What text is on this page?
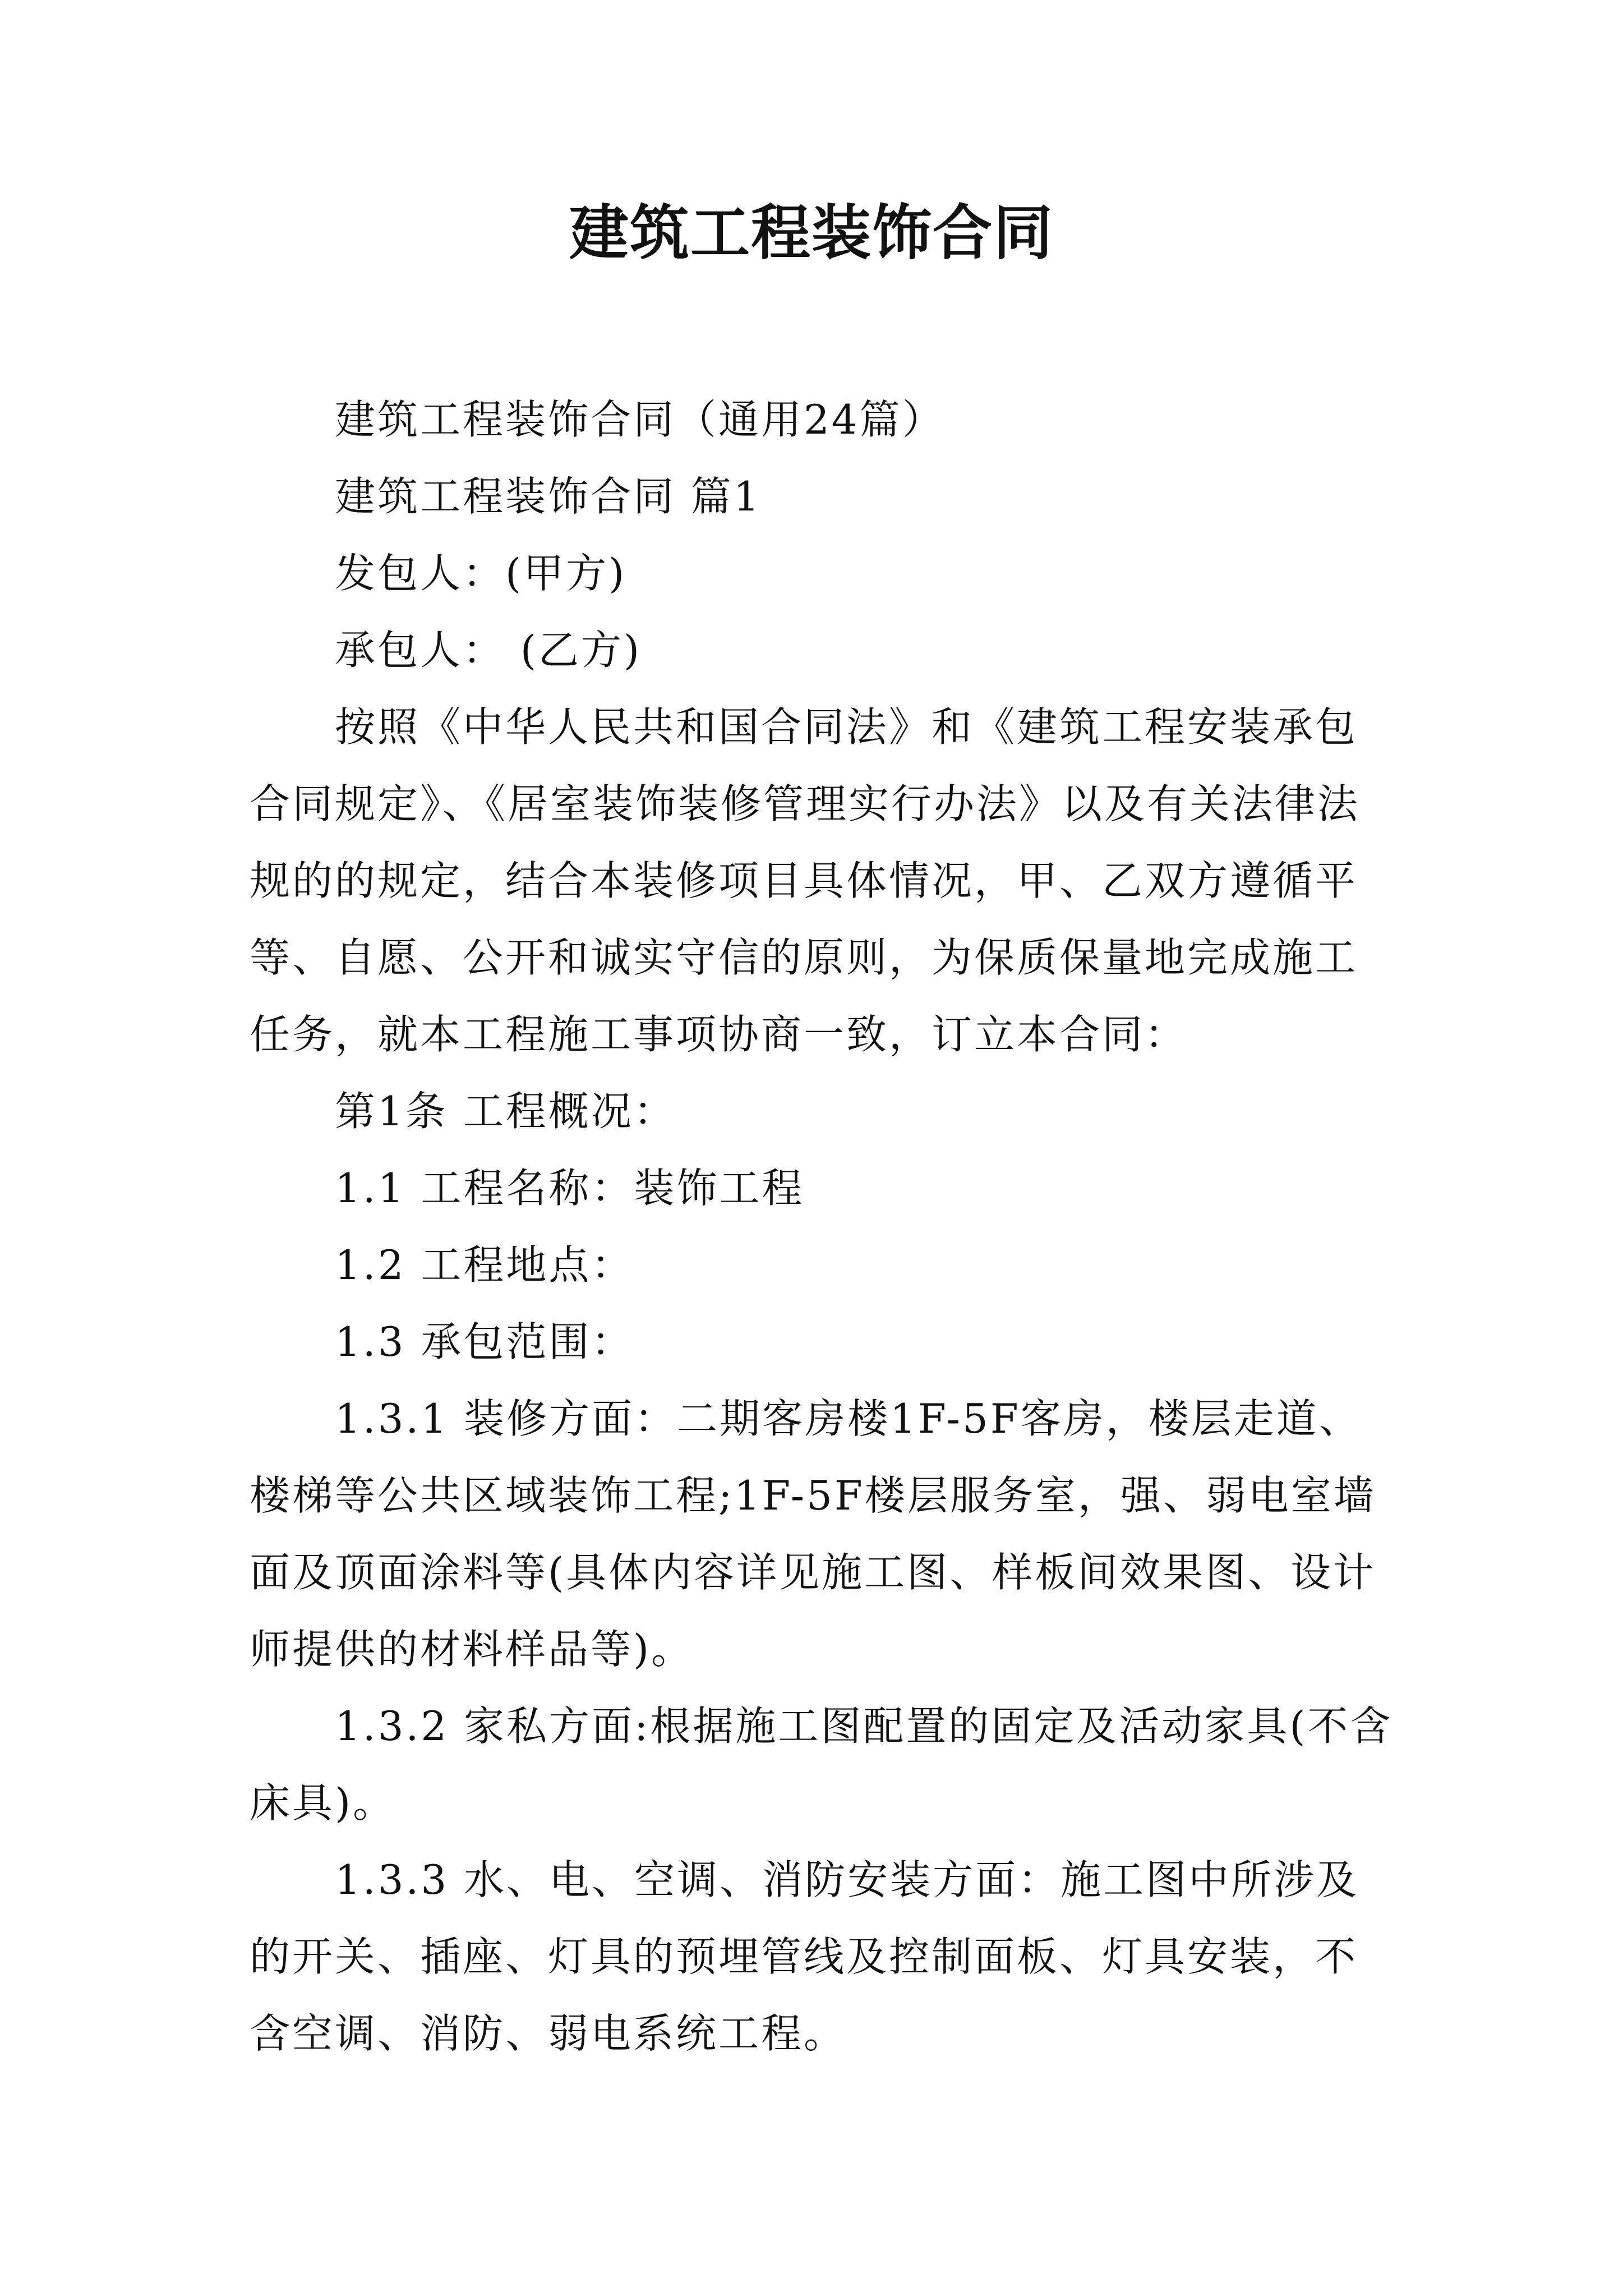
建筑工程装饰合同

建筑工程装饰合同（通用24篇）

建筑工程装饰合同 篇1

发包人：(甲方)

承包人： (乙方)

按照《中华人民共和国合同法》和《建筑工程安装承包合同规定》、《居室装饰装修管理实行办法》以及有关法律法规的的规定，结合本装修项目具体情况，甲、乙双方遵循平等、自愿、公开和诚实守信的原则，为保质保量地完成施工任务，就本工程施工事项协商一致，订立本合同：

第1条 工程概况：

1.1 工程名称：装饰工程

1.2 工程地点：

1.3 承包范围：

1.3.1 装修方面：二期客房楼1F-5F客房，楼层走道、楼梯等公共区域装饰工程;1F-5F楼层服务室，强、弱电室墙面及顶面涂料等(具体内容详见施工图、样板间效果图、设计师提供的材料样品等)。

1.3.2 家私方面:根据施工图配置的固定及活动家具(不含床具)。

1.3.3 水、电、空调、消防安装方面：施工图中所涉及的开关、插座、灯具的预埋管线及控制面板、灯具安装，不含空调、消防、弱电系统工程。
